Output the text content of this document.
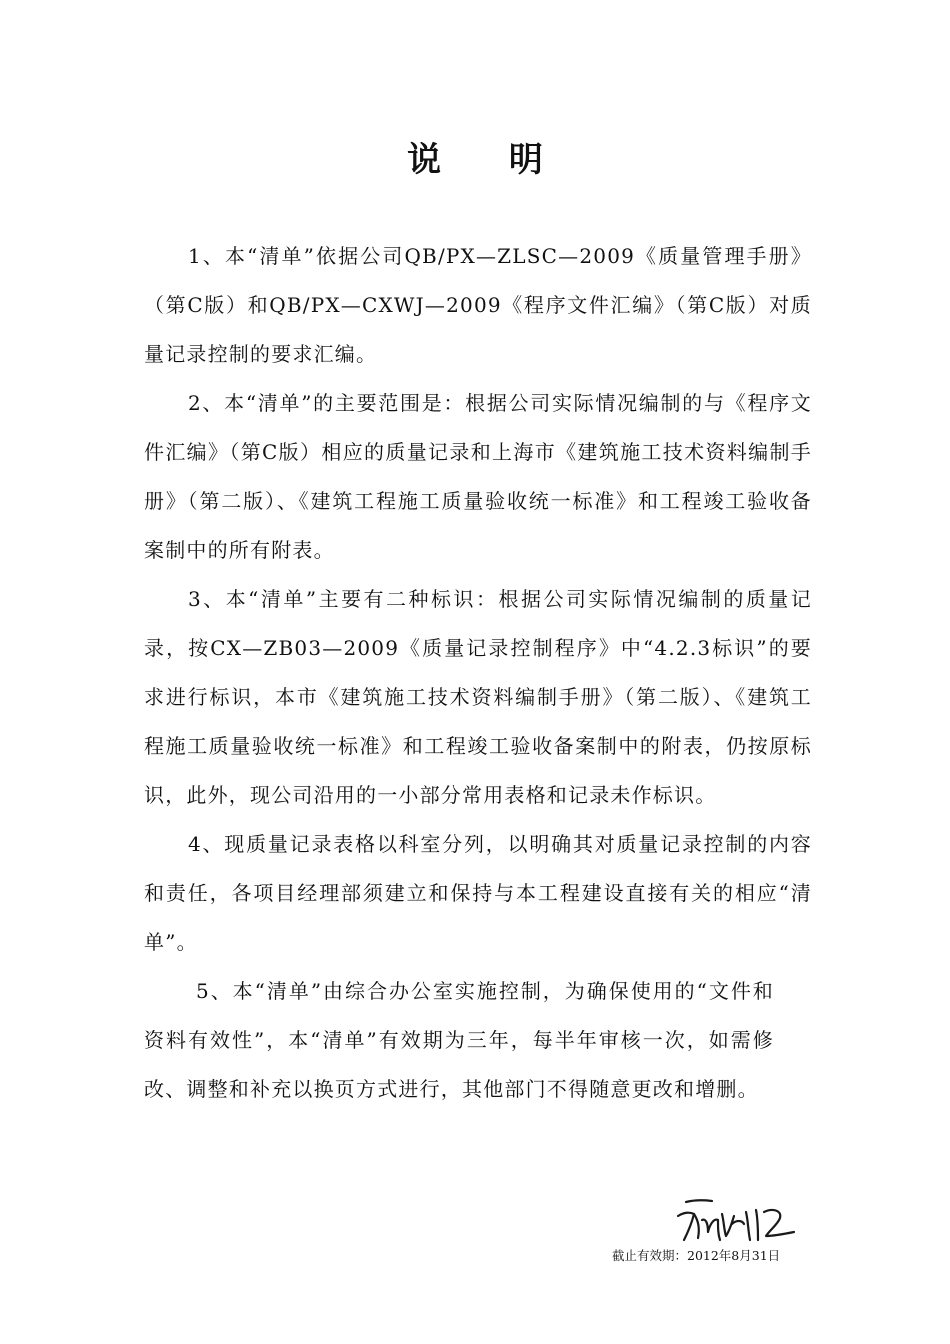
说 明

1、本“清单”依据公司QB/PX—ZLSC—2009《质量管理手册》（第C版）和QB/PX—CXWJ—2009《程序文件汇编》（第C版）对质量记录控制的要求汇编。

2、本“清单”的主要范围是：根据公司实际情况编制的与《程序文件汇编》（第C版）相应的质量记录和上海市《建筑施工技术资料编制手册》（第二版）、《建筑工程施工质量验收统一标准》和工程竣工验收备案制中的所有附表。

3、本“清单”主要有二种标识：根据公司实际情况编制的质量记录，按CX—ZB03—2009《质量记录控制程序》中“4.2.3标识”的要求进行标识，本市《建筑施工技术资料编制手册》（第二版）、《建筑工程施工质量验收统一标准》和工程竣工验收备案制中的附表，仍按原标识，此外，现公司沿用的一小部分常用表格和记录未作标识。

4、现质量记录表格以科室分列，以明确其对质量记录控制的内容和责任，各项目经理部须建立和保持与本工程建设直接有关的相应“清单”。

5、本“清单”由综合办公室实施控制，为确保使用的“文件和资料有效性”，本“清单”有效期为三年，每半年审核一次，如需修改、调整和补充以换页方式进行，其他部门不得随意更改和增删。

截止有效期：2012年8月31日
